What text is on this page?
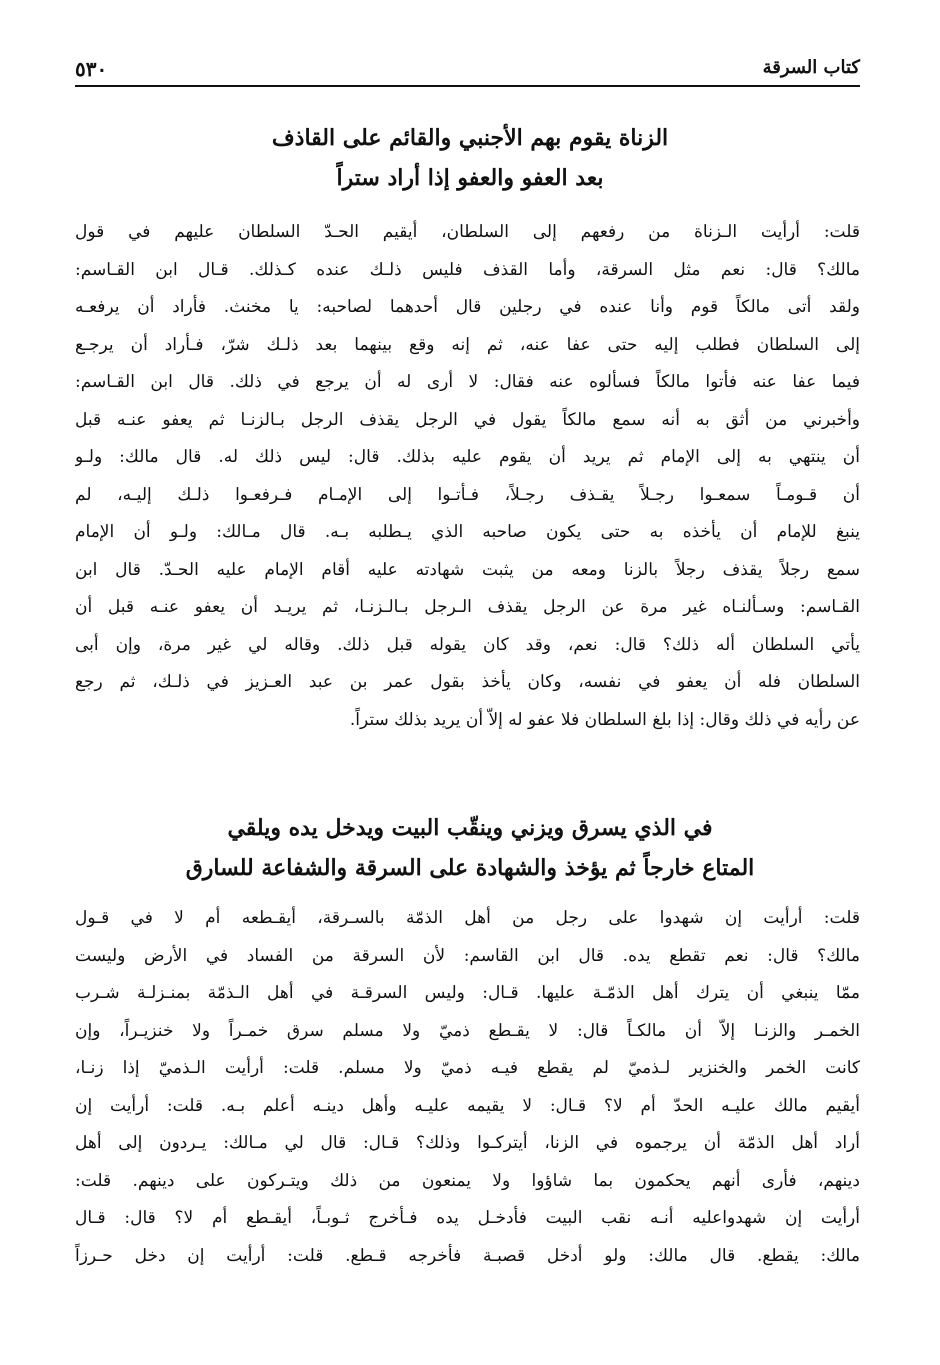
كتاب السرقة
٥٣٠
الزناة يقوم بهم الأجنبي والقائم على القاذف
بعد العفو والعفو إذا أراد ستراً
قلت: أرأيت الـزناة من رفعهم إلى السلطان، أيقيم الحـدّ السلطان عليهم في قول
مالك؟ قال: نعم مثل السرقة، وأما القذف فليس ذلـك عنده كـذلك. قـال ابن القـاسم:
ولقد أتى مالكاً قوم وأنا عنده في رجلين قال أحدهما لصاحبه: يا مخنث. فأراد أن يرفعـه
إلى السلطان فطلب إليه حتى عفا عنه، ثم إنه وقع بينهما بعد ذلـك شرّ، فـأراد أن يرجـع
فيما عفا عنه فأتوا مالكاً فسألوه عنه فقال: لا أرى له أن يرجع في ذلك. قال ابن القـاسم:
وأخبرني من أثق به أنه سمع مالكاً يقول في الرجل يقذف الرجل بـالزنـا ثم يعفو عنـه قبل
أن ينتهي به إلى الإمام ثم يريد أن يقوم عليه بذلك. قال: ليس ذلك له. قال مالك: ولـو
أن قـومـاً سمعـوا رجـلاً يقـذف رجـلاً، فـأتـوا إلى الإمـام فـرفعـوا ذلـك إليـه، لم
ينبغ للإمام أن يأخذه به حتى يكون صاحبه الذي يـطلبه بـه. قال مـالك: ولـو أن الإمام
سمع رجلاً يقذف رجلاً بالزنا ومعه من يثبت شهادته عليه أقام الإمام عليه الحـدّ. قال ابن
القـاسم: وسـألنـاه غير مرة عن الرجل يقذف الـرجل بـالـزنـا، ثم يريـد أن يعفو عنـه قبل أن
يأتي السلطان أله ذلك؟ قال: نعم، وقد كان يقوله قبل ذلك. وقاله لي غير مرة، وإن أبى
السلطان فله أن يعفو في نفسه، وكان يأخذ بقول عمر بن عبد العـزيز في ذلـك، ثم رجع
عن رأيه في ذلك وقال: إذا بلغ السلطان فلا عفو له إلاّ أن يريد بذلك ستراً.
في الذي يسرق ويزني وينقّب البيت ويدخل يده ويلقي
المتاع خارجاً ثم يؤخذ والشهادة على السرقة والشفاعة للسارق
قلت: أرأيت إن شهدوا على رجل من أهل الذمّة بالسـرقة، أيقـطعه أم لا في قـول
مالك؟ قال: نعم تقطع يده. قال ابن القاسم: لأن السرقة من الفساد في الأرض وليست
ممّا ينبغي أن يترك أهل الذمّـة عليها. قـال: وليس السرقـة في أهل الـذمّة بمنـزلـة شـرب
الخمـر والزنـا إلاّ أن مالكـاً قال: لا يقـطع ذميّ ولا مسلم سرق خمـراً ولا خنزيـراً، وإن
كانت الخمر والخنزير لـذميّ لم يقطع فيـه ذميّ ولا مسلم. قلت: أرأيت الـذميّ إذا زنـا،
أيقيم مالك عليـه الحدّ أم لا؟ قـال: لا يقيمه عليـه وأهل دينـه أعلم بـه. قلت: أرأيت إن
أراد أهل الذمّة أن يرجموه في الزنا، أيتركـوا وذلك؟ قـال: قال لي مـالك: يـردون إلى أهل
دينهم، فأرى أنهم يحكمون بما شاؤوا ولا يمنعون من ذلك ويتـركون على دينهم. قلت:
أرأيت إن شهدواعليه أنـه نقب البيت فأدخـل يده فـأخرج ثـوبـاً، أيقـطع أم لا؟ قال: قـال
مالك: يقطع. قال مالك: ولو أدخل قصبـة فأخرجه قـطع. قلت: أرأيت إن دخل حـرزاً
